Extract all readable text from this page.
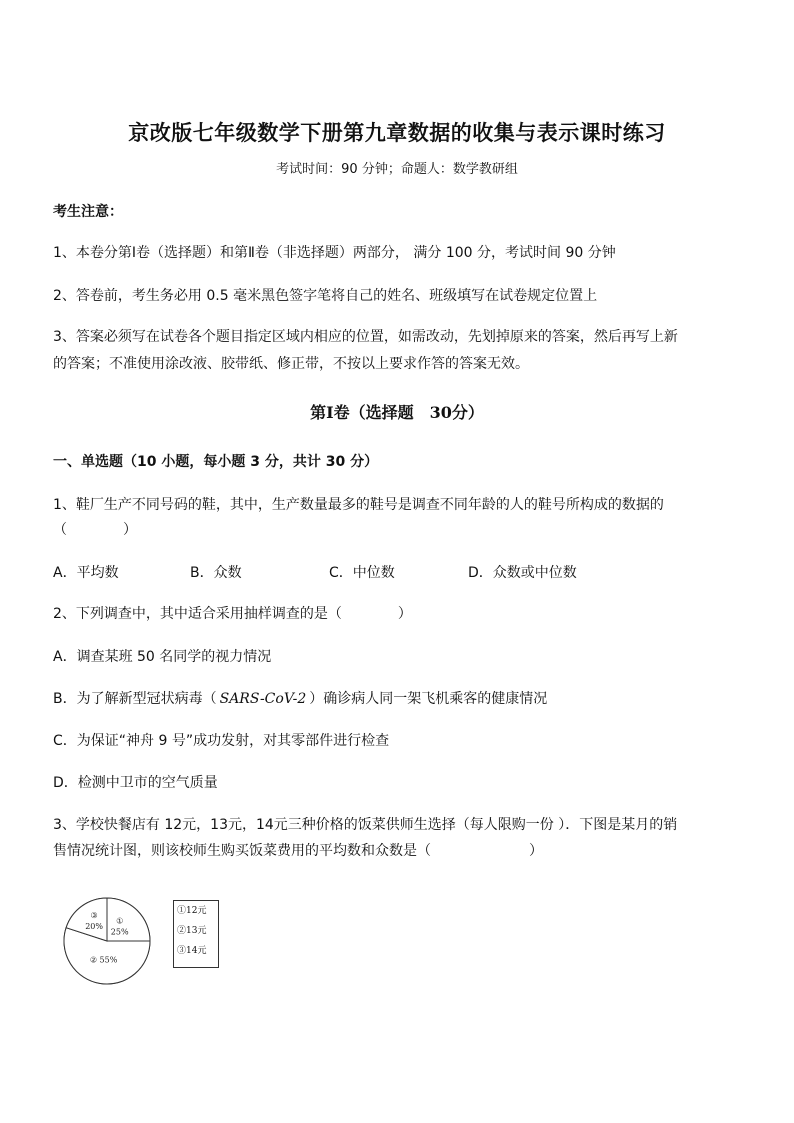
京改版七年级数学下册第九章数据的收集与表示课时练习
考试时间：90 分钟；命题人：数学教研组
考生注意：
1、本卷分第Ⅰ卷（选择题）和第Ⅱ卷（非选择题）两部分， 满分 100 分，考试时间 90 分钟
2、答卷前，考生务必用 0.5 毫米黑色签字笔将自己的姓名、班级填写在试卷规定位置上
3、答案必须写在试卷各个题目指定区域内相应的位置，如需改动，先划掉原来的答案，然后再写上新
的答案；不准使用涂改液、胶带纸、修正带，不按以上要求作答的答案无效。
第Ⅰ卷（选择题　30分）
一、单选题（10 小题，每小题 3 分，共计 30 分）
1、鞋厂生产不同号码的鞋，其中，生产数量最多的鞋号是调查不同年龄的人的鞋号所构成的数据的
（　　　　）
A．平均数	B．众数	C．中位数	D．众数或中位数
2、下列调查中，其中适合采用抽样调查的是（　　　　）
A．调查某班 50 名同学的视力情况
B．为了解新型冠状病毒（ SARS-CoV-2 ）确诊病人同一架飞机乘客的健康情况
C．为保证“神舟 9 号”成功发射，对其零部件进行检查
D．检测中卫市的空气质量
3、学校快餐店有 12元，13元，14元三种价格的饭菜供师生选择（每人限购一份 ）．下图是某月的销
售情况统计图，则该校师生购买饭菜费用的平均数和众数是（　　　　　　　）
① 25%
② 55%
③ 20%
①12元
②13元
③14元
